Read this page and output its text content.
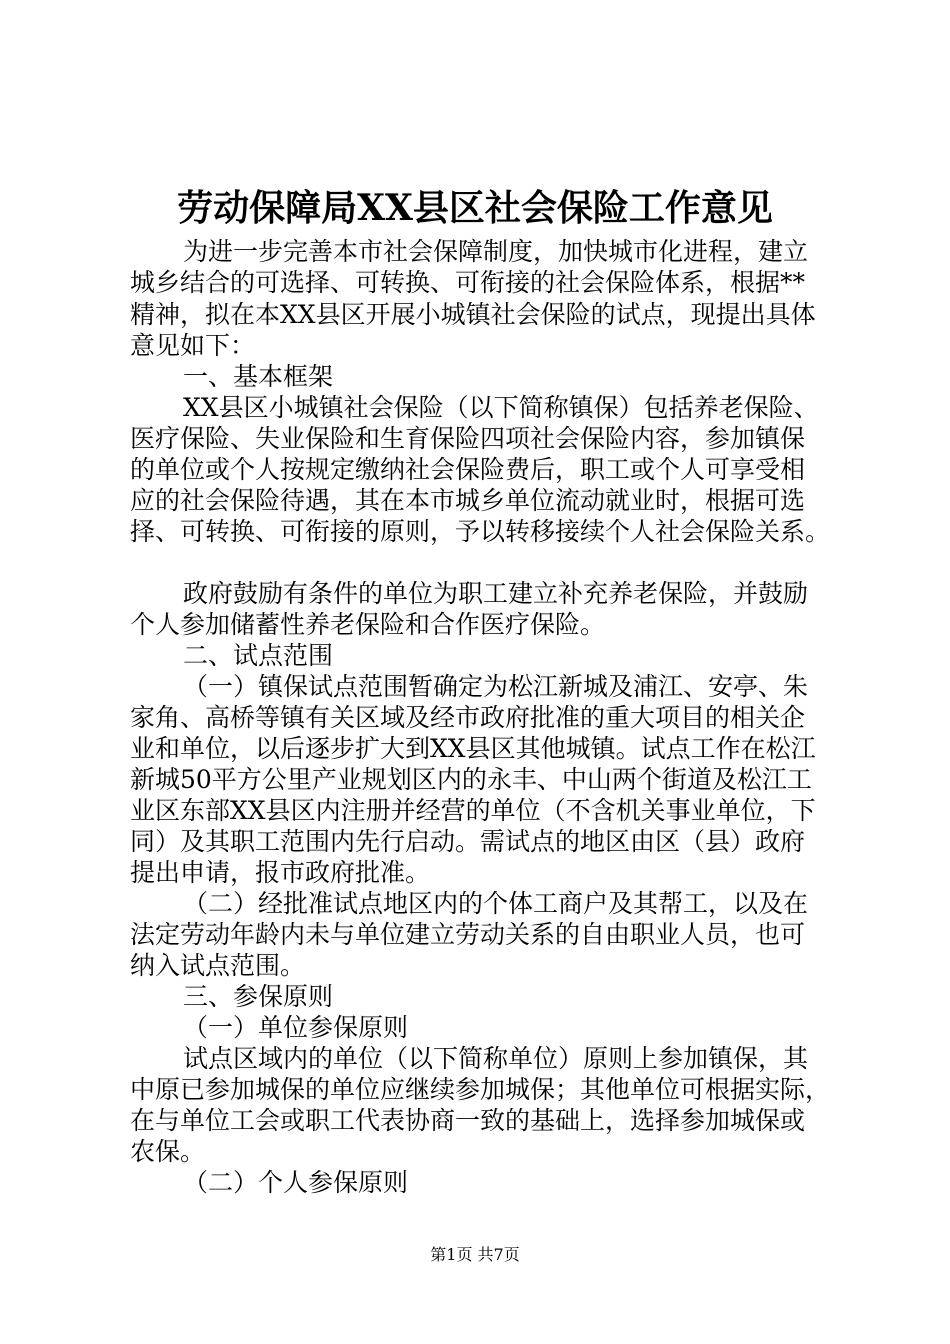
劳动保障局XX县区社会保险工作意见
为进一步完善本市社会保障制度，加快城市化进程，建立
城乡结合的可选择、可转换、可衔接的社会保险体系，根据**
精神，拟在本XX县区开展小城镇社会保险的试点，现提出具体
意见如下：
一、基本框架
XX县区小城镇社会保险（以下简称镇保）包括养老保险、
医疗保险、失业保险和生育保险四项社会保险内容，参加镇保
的单位或个人按规定缴纳社会保险费后，职工或个人可享受相
应的社会保险待遇，其在本市城乡单位流动就业时，根据可选
择、可转换、可衔接的原则，予以转移接续个人社会保险关系。
政府鼓励有条件的单位为职工建立补充养老保险，并鼓励
个人参加储蓄性养老保险和合作医疗保险。
二、试点范围
（一）镇保试点范围暂确定为松江新城及浦江、安亭、朱
家角、高桥等镇有关区域及经市政府批准的重大项目的相关企
业和单位，以后逐步扩大到XX县区其他城镇。试点工作在松江
新城50平方公里产业规划区内的永丰、中山两个街道及松江工
业区东部XX县区内注册并经营的单位（不含机关事业单位，下
同）及其职工范围内先行启动。需试点的地区由区（县）政府
提出申请，报市政府批准。
（二）经批准试点地区内的个体工商户及其帮工，以及在
法定劳动年龄内未与单位建立劳动关系的自由职业人员，也可
纳入试点范围。
三、参保原则
（一）单位参保原则
试点区域内的单位（以下简称单位）原则上参加镇保，其
中原已参加城保的单位应继续参加城保；其他单位可根据实际，
在与单位工会或职工代表协商一致的基础上，选择参加城保或
农保。
（二）个人参保原则
第1页 共7页
